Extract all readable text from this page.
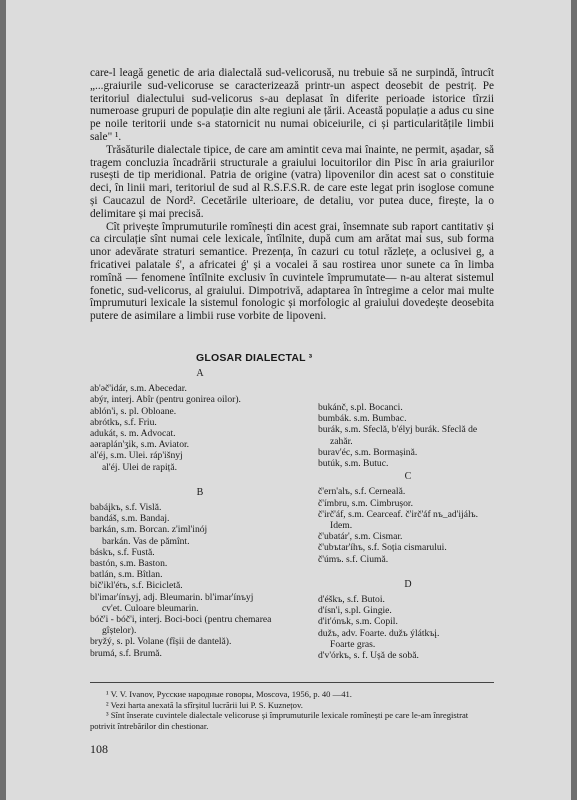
care-l leagă genetic de aria dialectală sud-velicorusă, nu trebuie să ne surpindă, întrucît „...graiurile sud-velicoruse se caracterizează printr-un aspect deosebit de pestriț. Pe teritoriul dialectului sud-velicorus s-au deplasat în diferite perioade istorice tîrzii numeroase grupuri de populație din alte regiuni ale țării. Această populație a adus cu sine pe noile teritorii unde s-a statornicit nu numai obiceiurile, ci și particularitățile limbii sale" ¹.

Trăsăturile dialectale tipice, de care am amintit ceva mai înainte, ne permit, așadar, să tragem concluzia încadrării structurale a graiului locuitorilor din Pisc în aria graiurilor rusești de tip meridional. Patria de origine (vatra) lipovenilor din acest sat o constituie deci, în linii mari, teritoriul de sud al R.S.F.S.R. de care este legat prin isoglose comune și Caucazul de Nord². Cecetările ulterioare, de detaliu, vor putea duce, firește, la o delimitare și mai precisă.

Cît privește împrumuturile romînești din acest grai, însemnate sub raport cantitativ și ca circulație sînt numai cele lexicale, întîlnite, după cum am arătat mai sus, sub forma unor adevărate straturi semantice. Prezența, în cazuri cu totul răzlețe, a oclusivei g, a fricativei palatale ś', a africatei ǵ' și a vocalei ă sau rostirea unor sunete ca în limba romînă — fenomene întîlnite exclusiv în cuvintele împrumutate— n-au alterat sistemul fonetic, sud-velicorus, al graiului. Dimpotrivă, adaptarea în întregime a celor mai multe împrumuturi lexicale la sistemul fonologic și morfologic al graiului dovedește deosebita putere de asimilare a limbii ruse vorbite de lipoveni.

GLOSAR DIALECTAL ³
A
ab'əč'idár, s.m. Abecedar.
abýr, interj. Abîr (pentru gonirea oilor).
ablón'i, s. pl. Obloane.
abrótkъ, s.f. Friu.
adukát, s. m. Advocat.
aəraplán'ʒik, s.m. Aviator.
al'éj, s.m. Ulei. ráp'išnyj
al'éj. Ulei de rapiță.
B
babáįkъ, s.f. Vislă.
bandáš, s.m. Bandaj.
barkán, s.m. Borcan. z'iml'inój
barkán. Vas de pămînt.
báskъ, s.f. Fustă.
bastón, s.m. Baston.
batlán, s.m. Bîtlan.
bič'ikl'étъ, s.f. Bicicletă.
bl'imar'ínъyj, adj. Bleumarin. bl'imar'ínъyj
cv'et. Culoare bleumarin.
bóč'i - bóč'i, interj. Boci-boci (pentru chemarea gîștelor).
bryžý, s. pl. Volane (fîșii de dantelă).
brumá, s.f. Brumă.
bukánč, s.pl. Bocanci.
bumbák. s.m. Bumbac.
burák, s.m. Sfeclă, b'élyj burák. Sfeclă de zahăr.
burav'éc, s.m. Bormașină.
butúk, s.m. Butuc.
C
č'ern'alъ, s.f. Cerneală.
č'ímbru, s.m. Cimbrușor.
č'irč'áf, s.m. Cearceaf. č'irč'áf nъ_ad'ijálъ. Idem.
č'ubatár', s.m. Cismar.
č'ubъtar'íhъ, s.f. Soția cismarului.
č'úmъ. s.f. Ciumă.
D
d'éškъ, s.f. Butoi.
d'ísn'i, s.pl. Gingie.
d'it'ónъk, s.m. Copil.
dužъ, adv. Foarte. dužъ ýlátkъį.
Foarte gras.
d'v'órkъ, s. f. Ușă de sobă.

¹ V. V. Ivanov, Русские народные говоры, Moscova, 1956, p. 40 —41.

² Vezi harta anexată la sfîrșitul lucrării lui P. S. Kuznețov.

³ Sînt înserate cuvintele dialectale velicoruse și împrumuturile lexicale romînești pe care le-am înregistrat potrivit întrebărilor din chestionar.

108
